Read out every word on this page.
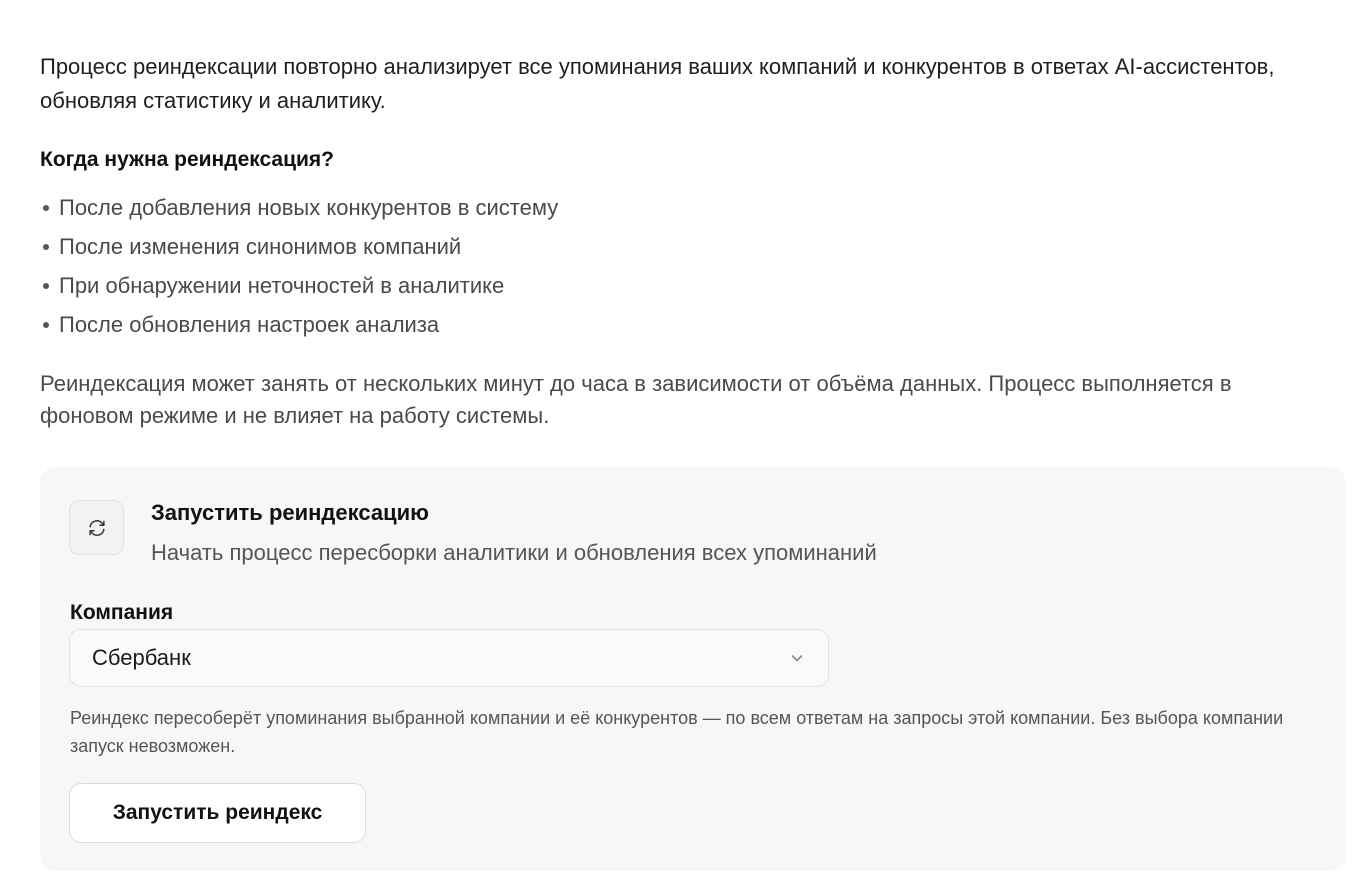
Процесс реиндексации повторно анализирует все упоминания ваших компаний и конкурентов в ответах AI-ассистентов, обновляя статистику и аналитику.

Когда нужна реиндексация?
После добавления новых конкурентов в систему
После изменения синонимов компаний
При обнаружении неточностей в аналитике
После обновления настроек анализа

Реиндексация может занять от нескольких минут до часа в зависимости от объёма данных. Процесс выполняется в фоновом режиме и не влияет на работу системы.

Запустить реиндексацию
Начать процесс пересборки аналитики и обновления всех упоминаний
Компания
Сбербанк

Реиндекс пересоберёт упоминания выбранной компании и её конкурентов — по всем ответам на запросы этой компании. Без выбора компании запуск невозможен.

Запустить реиндекс
